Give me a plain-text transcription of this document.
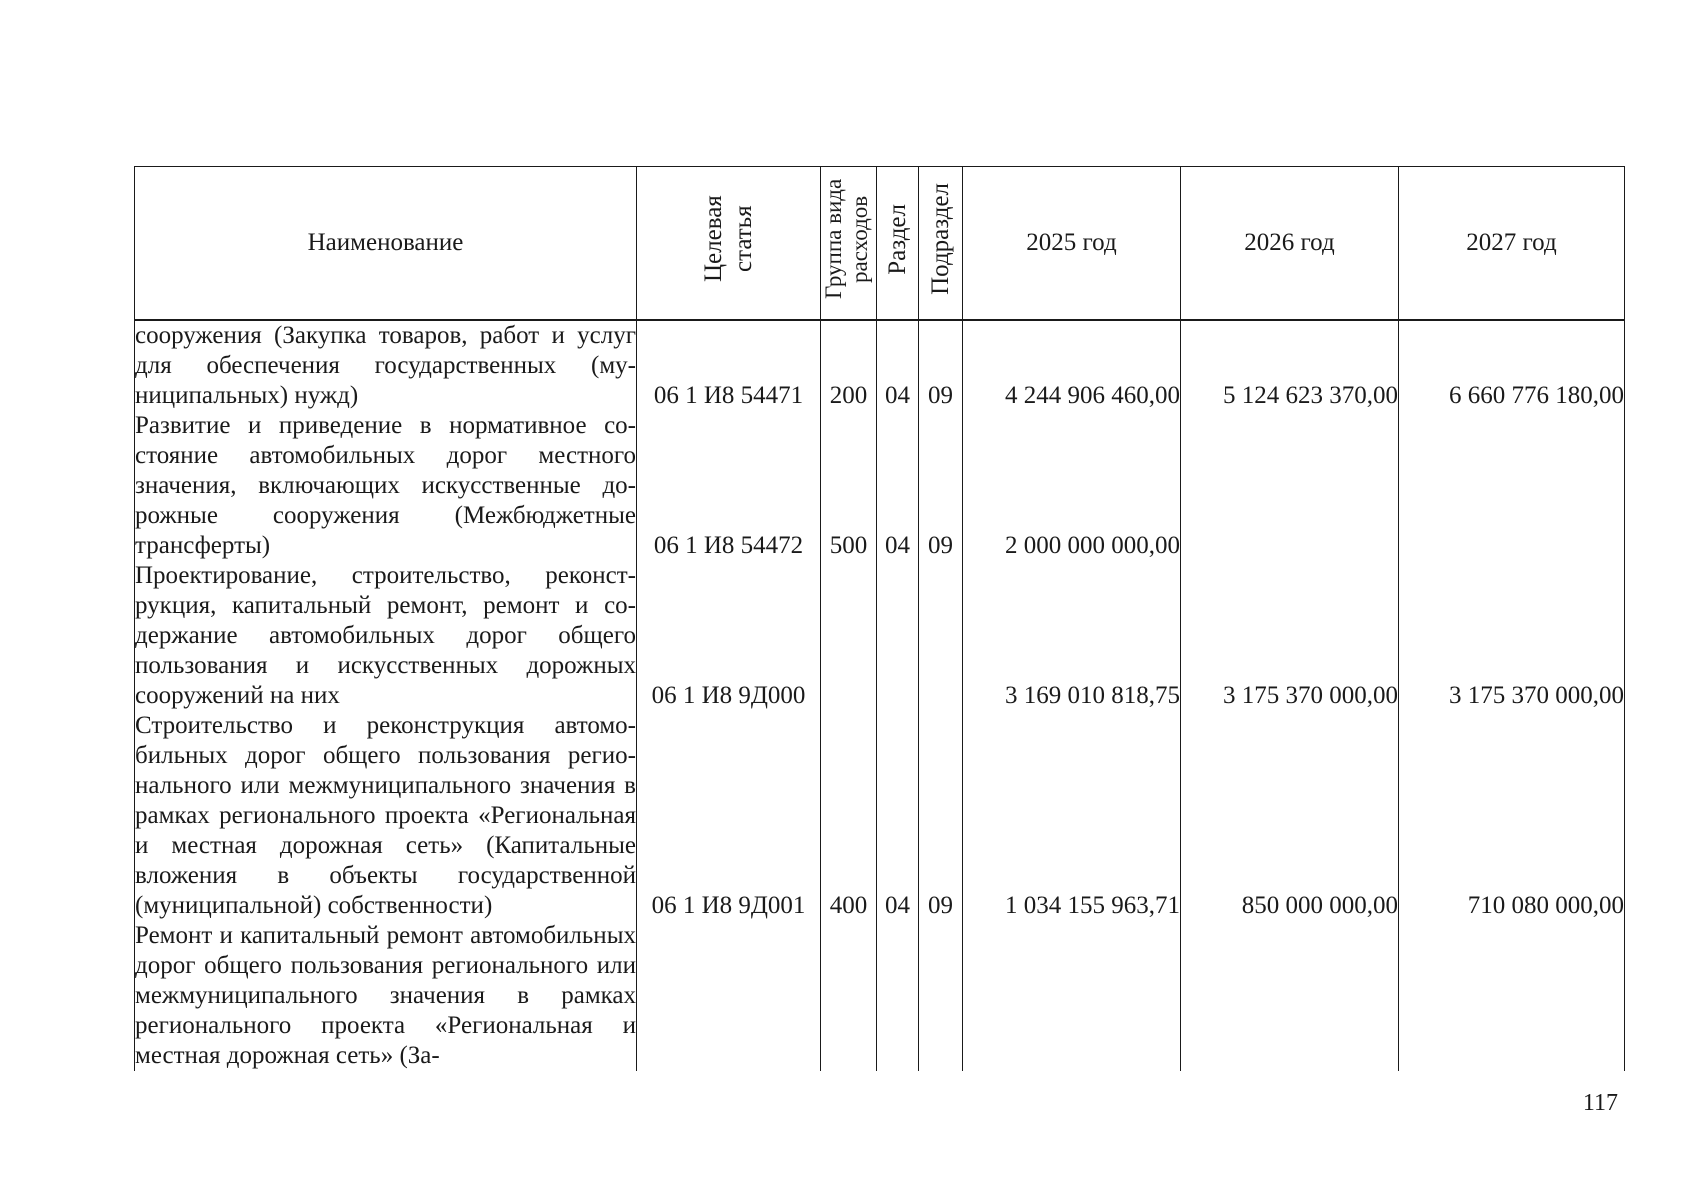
Наименование	Целевая статья	Группа вида расходов	Раздел	Подраздел	2025 год	2026 год	2027 год
сооружения (Закупка товаров, работ и услуг для обеспечения государственных (муниципальных) нужд)	06 1 И8 54471	200	04	09	4 244 906 460,00	5 124 623 370,00	6 660 776 180,00
Развитие и приведение в нормативное состояние автомобильных дорог местного значения, включающих искусственные дорожные сооружения (Межбюджетные трансферты)	06 1 И8 54472	500	04	09	2 000 000 000,00		
Проектирование, строительство, реконструкция, капитальный ремонт, ремонт и содержание автомобильных дорог общего пользования и искусственных дорожных сооружений на них	06 1 И8 9Д000				3 169 010 818,75	3 175 370 000,00	3 175 370 000,00
Строительство и реконструкция автомобильных дорог общего пользования регионального или межмуниципального значения в рамках регионального проекта «Региональная и местная дорожная сеть» (Капитальные вложения в объекты государственной (муниципальной) собственности)	06 1 И8 9Д001	400	04	09	1 034 155 963,71	850 000 000,00	710 080 000,00
Ремонт и капитальный ремонт автомобильных дорог общего пользования регионального или межмуниципального значения в рамках регионального проекта «Региональная и местная дорожная сеть» (За-							
117
